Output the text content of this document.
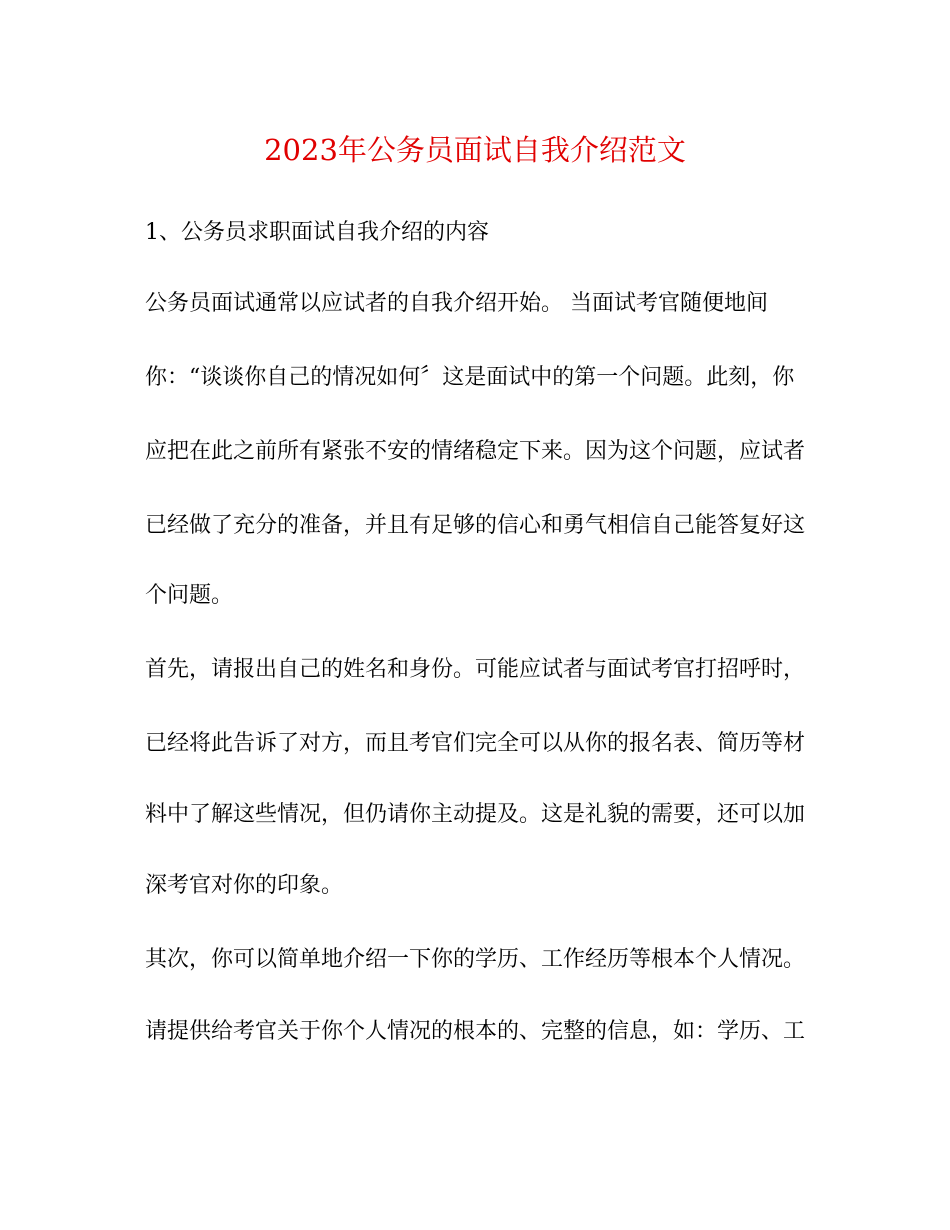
2023年公务员面试自我介绍范文
1、公务员求职面试自我介绍的内容
公务员面试通常以应试者的自我介绍开始。 当面试考官随便地间
你：“谈谈你自己的情况如何〞这是面试中的第一个问题。此刻，你
应把在此之前所有紧张不安的情绪稳定下来。因为这个问题，应试者
已经做了充分的准备，并且有足够的信心和勇气相信自己能答复好这
个问题。
首先，请报出自己的姓名和身份。可能应试者与面试考官打招呼时，
已经将此告诉了对方，而且考官们完全可以从你的报名表、简历等材
料中了解这些情况，但仍请你主动提及。这是礼貌的需要，还可以加
深考官对你的印象。
其次，你可以简单地介绍一下你的学历、工作经历等根本个人情况。
请提供给考官关于你个人情况的根本的、完整的信息，如：学历、工
